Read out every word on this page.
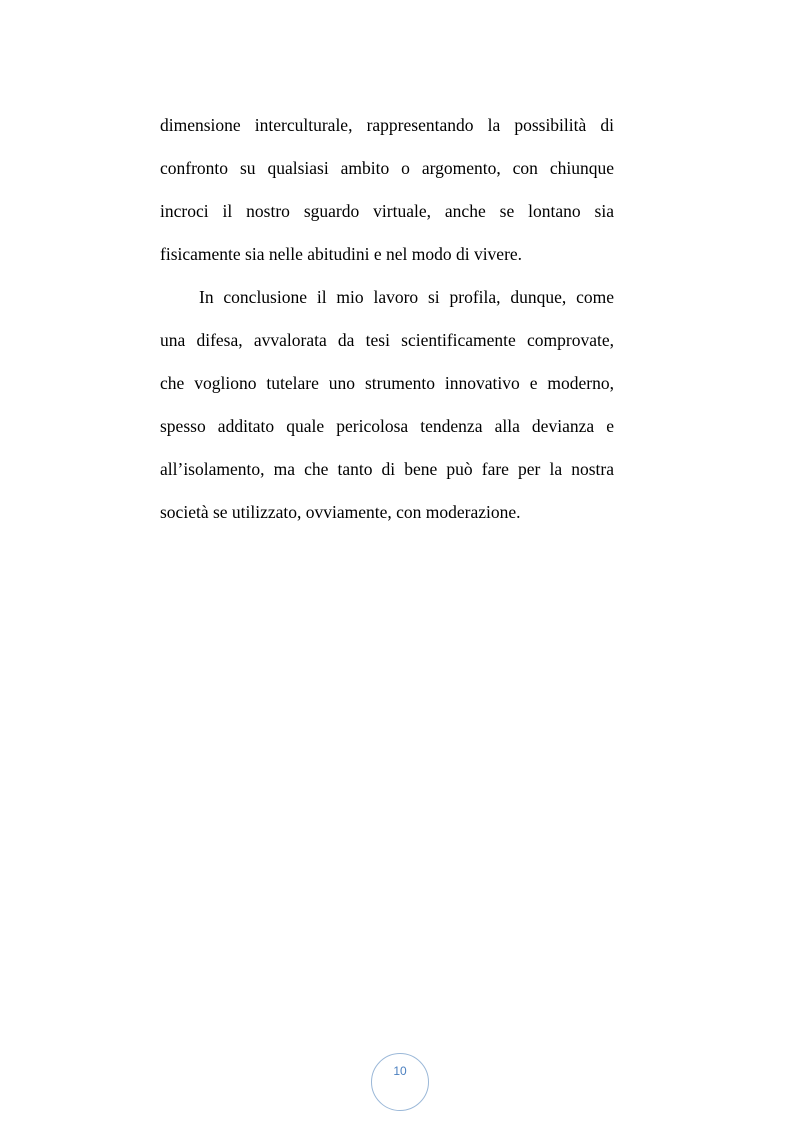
dimensione interculturale, rappresentando la possibilità di
confronto su qualsiasi ambito o argomento, con chiunque
incroci il nostro sguardo virtuale, anche se lontano sia
fisicamente sia nelle abitudini e nel modo di vivere.
In conclusione il mio lavoro si profila, dunque, come
una difesa, avvalorata da tesi scientificamente comprovate,
che vogliono tutelare uno strumento innovativo e moderno,
spesso additato quale pericolosa tendenza alla devianza e
all’isolamento, ma che tanto di bene può fare per la nostra
società se utilizzato, ovviamente, con moderazione.
10
